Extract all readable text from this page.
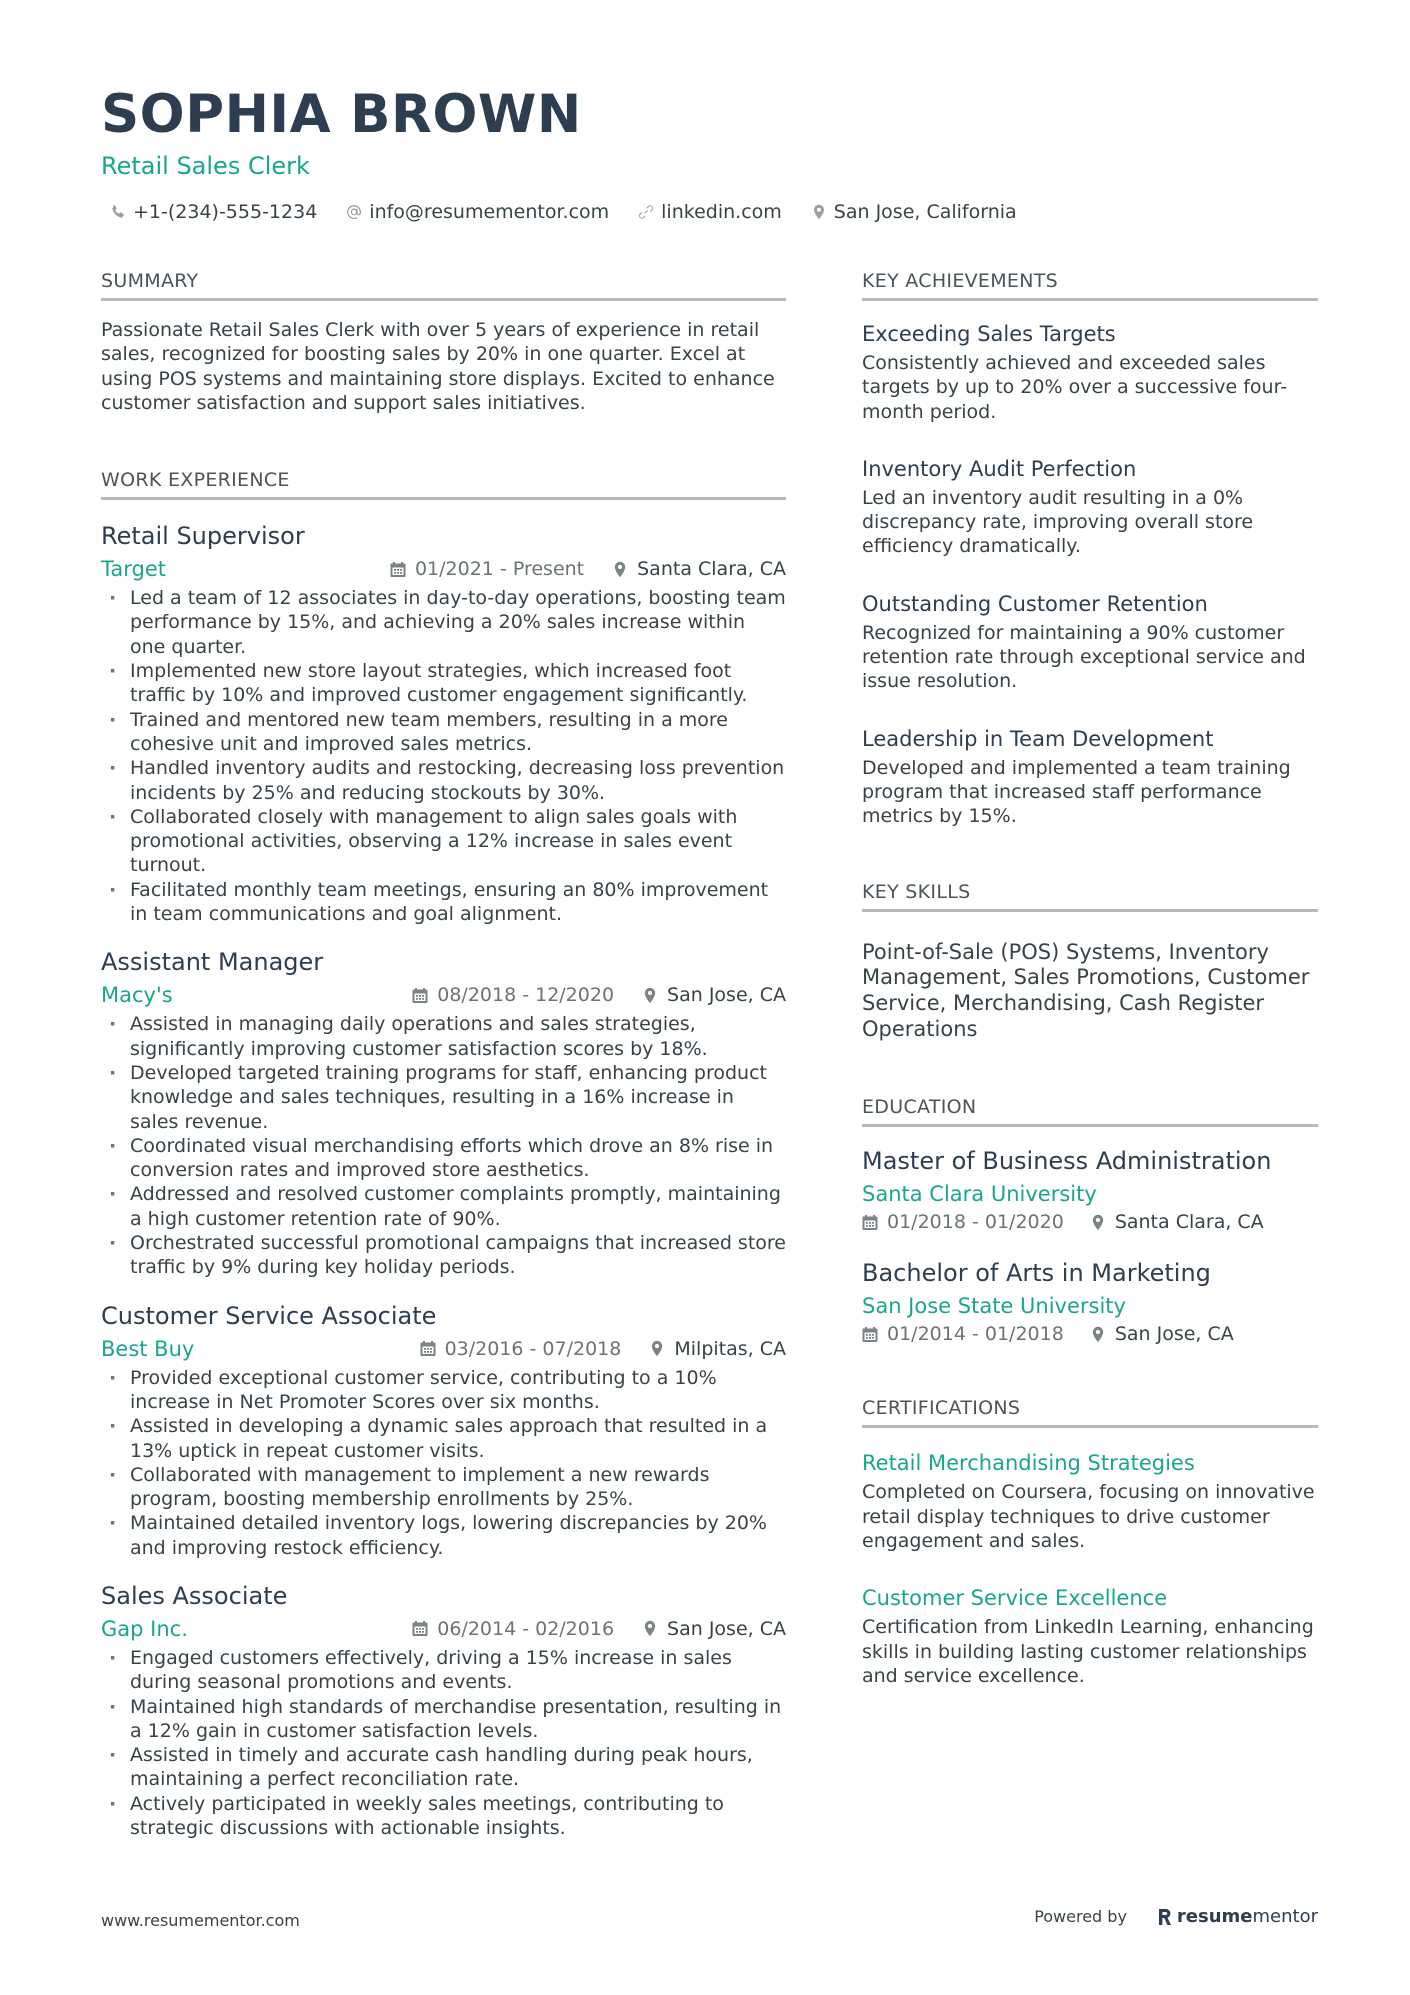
SOPHIA BROWN
Retail Sales Clerk
+1-(234)-555-1234	info@resumementor.com	linkedin.com	San Jose, California
SUMMARY
Passionate Retail Sales Clerk with over 5 years of experience in retail sales, recognized for boosting sales by 20% in one quarter. Excel at using POS systems and maintaining store displays. Excited to enhance customer satisfaction and support sales initiatives.
WORK EXPERIENCE
Retail Supervisor
Target	01/2021 - Present	Santa Clara, CA
· Led a team of 12 associates in day-to-day operations, boosting team performance by 15%, and achieving a 20% sales increase within one quarter.
· Implemented new store layout strategies, which increased foot traffic by 10% and improved customer engagement significantly.
· Trained and mentored new team members, resulting in a more cohesive unit and improved sales metrics.
· Handled inventory audits and restocking, decreasing loss prevention incidents by 25% and reducing stockouts by 30%.
· Collaborated closely with management to align sales goals with promotional activities, observing a 12% increase in sales event turnout.
· Facilitated monthly team meetings, ensuring an 80% improvement in team communications and goal alignment.
Assistant Manager
Macy's	08/2018 - 12/2020	San Jose, CA
· Assisted in managing daily operations and sales strategies, significantly improving customer satisfaction scores by 18%.
· Developed targeted training programs for staff, enhancing product knowledge and sales techniques, resulting in a 16% increase in sales revenue.
· Coordinated visual merchandising efforts which drove an 8% rise in conversion rates and improved store aesthetics.
· Addressed and resolved customer complaints promptly, maintaining a high customer retention rate of 90%.
· Orchestrated successful promotional campaigns that increased store traffic by 9% during key holiday periods.
Customer Service Associate
Best Buy	03/2016 - 07/2018	Milpitas, CA
· Provided exceptional customer service, contributing to a 10% increase in Net Promoter Scores over six months.
· Assisted in developing a dynamic sales approach that resulted in a 13% uptick in repeat customer visits.
· Collaborated with management to implement a new rewards program, boosting membership enrollments by 25%.
· Maintained detailed inventory logs, lowering discrepancies by 20% and improving restock efficiency.
Sales Associate
Gap Inc.	06/2014 - 02/2016	San Jose, CA
· Engaged customers effectively, driving a 15% increase in sales during seasonal promotions and events.
· Maintained high standards of merchandise presentation, resulting in a 12% gain in customer satisfaction levels.
· Assisted in timely and accurate cash handling during peak hours, maintaining a perfect reconciliation rate.
· Actively participated in weekly sales meetings, contributing to strategic discussions with actionable insights.
KEY ACHIEVEMENTS
Exceeding Sales Targets
Consistently achieved and exceeded sales targets by up to 20% over a successive four-month period.
Inventory Audit Perfection
Led an inventory audit resulting in a 0% discrepancy rate, improving overall store efficiency dramatically.
Outstanding Customer Retention
Recognized for maintaining a 90% customer retention rate through exceptional service and issue resolution.
Leadership in Team Development
Developed and implemented a team training program that increased staff performance metrics by 15%.
KEY SKILLS
Point-of-Sale (POS) Systems, Inventory Management, Sales Promotions, Customer Service, Merchandising, Cash Register Operations
EDUCATION
Master of Business Administration
Santa Clara University
01/2018 - 01/2020	Santa Clara, CA
Bachelor of Arts in Marketing
San Jose State University
01/2014 - 01/2018	San Jose, CA
CERTIFICATIONS
Retail Merchandising Strategies
Completed on Coursera, focusing on innovative retail display techniques to drive customer engagement and sales.
Customer Service Excellence
Certification from LinkedIn Learning, enhancing skills in building lasting customer relationships and service excellence.
www.resumementor.com	Powered by	resume mentor
